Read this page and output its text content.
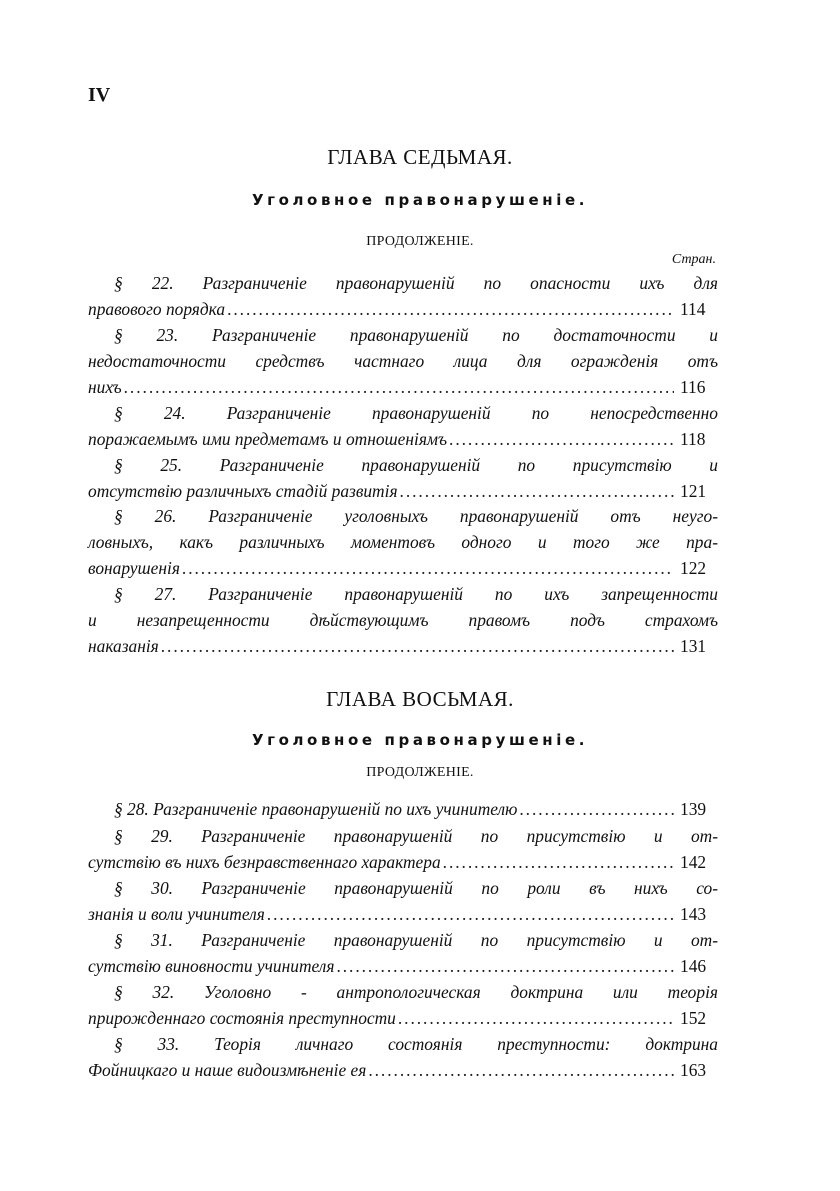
IV
ГЛАВА СЕДЬМАЯ.
Уголовное правонарушеніе.
ПРОДОЛЖЕНІЕ.
Стран.
§ 22. Разграниченіе правонарушеній по опасности ихъ для
правового порядка . . .	114
§ 23. Разграниченіе правонарушеній по достаточности и
недостаточности средствъ частнаго лица для огражденія отъ
нихъ . . .	116
§ 24. Разграниченіе правонарушеній по непосредственно
поражаемымъ ими предметамъ и отношеніямъ . . .	118
§ 25. Разграниченіе правонарушеній по присутствію и
отсутствію различныхъ стадій развитія . . .	121
§ 26. Разграниченіе уголовныхъ правонарушеній отъ неуго-
ловныхъ, какъ различныхъ моментовъ одного и того же пра-
вонарушенія . . .	122
§ 27. Разграниченіе правонарушеній по ихъ запрещенности
и незапрещенности дѣйствующимъ правомъ подъ страхомъ
наказанія . . .	131
ГЛАВА ВОСЬМАЯ.
Уголовное правонарушеніе.
ПРОДОЛЖЕНІЕ.
§ 28. Разграниченіе правонарушеній по ихъ учинителю . . .	139
§ 29. Разграниченіе правонарушеній по присутствію и от-
сутствію въ нихъ безнравственнаго характера . . .	142
§ 30. Разграниченіе правонарушеній по роли въ нихъ со-
знанія и воли учинителя . . .	143
§ 31. Разграниченіе правонарушеній по присутствію и от-
сутствію виновности учинителя . . .	146
§ 32. Уголовно - антропологическая доктрина или теорія
прирожденнаго состоянія преступности . . .	152
§ 33. Теорія личнаго состоянія преступности: доктрина
Фойницкаго и наше видоизмѣненіе ея . . .	163
